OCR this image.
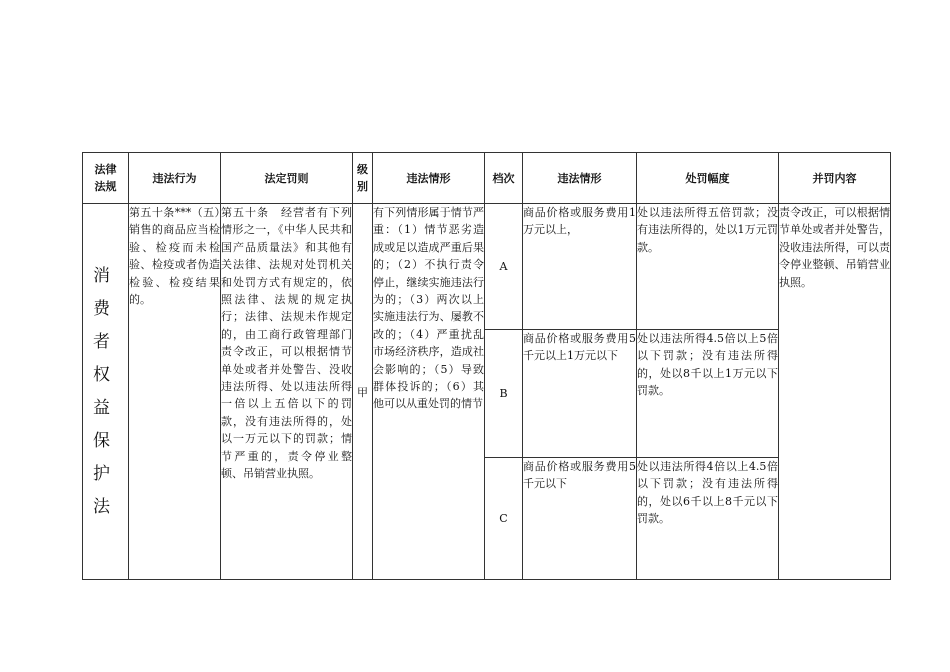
法律法规	违法行为	法定罚则	级别	违法情形	档次	违法情形	处罚幅度	并罚内容
消费者权益保护法	第五十条***（五）销售的商品应当检验、检疫而未检验、检疫或者伪造检验、检疫结果的。	第五十条　经营者有下列情形之一，《中华人民共和国产品质量法》和其他有关法律、法规对处罚机关和处罚方式有规定的，依照法律、法规的规定执行；法律、法规未作规定的，由工商行政管理部门责令改正，可以根据情节单处或者并处警告、没收违法所得、处以违法所得一倍以上五倍以下的罚款，没有违法所得的，处以一万元以下的罚款；情节严重的，责令停业整顿、吊销营业执照。	甲	有下列情形属于情节严重：（1）情节恶劣造成或足以造成严重后果的；（2）不执行责令停止，继续实施违法行为的；（3）两次以上实施违法行为、屡教不改的；（4）严重扰乱市场经济秩序，造成社会影响的；（5）导致群体投诉的；（6）其他可以从重处罚的情节	A	商品价格或服务费用1万元以上，	处以违法所得五倍罚款；没有违法所得的，处以1万元罚款。	责令改正，可以根据情节单处或者并处警告，没收违法所得，可以责令停业整顿、吊销营业执照。
					B	商品价格或服务费用5千元以上1万元以下	处以违法所得4.5倍以上5倍以下罚款；没有违法所得的，处以8千以上1万元以下罚款。	
					C	商品价格或服务费用5千元以下	处以违法所得4倍以上4.5倍以下罚款；没有违法所得的，处以6千以上8千元以下罚款。	
